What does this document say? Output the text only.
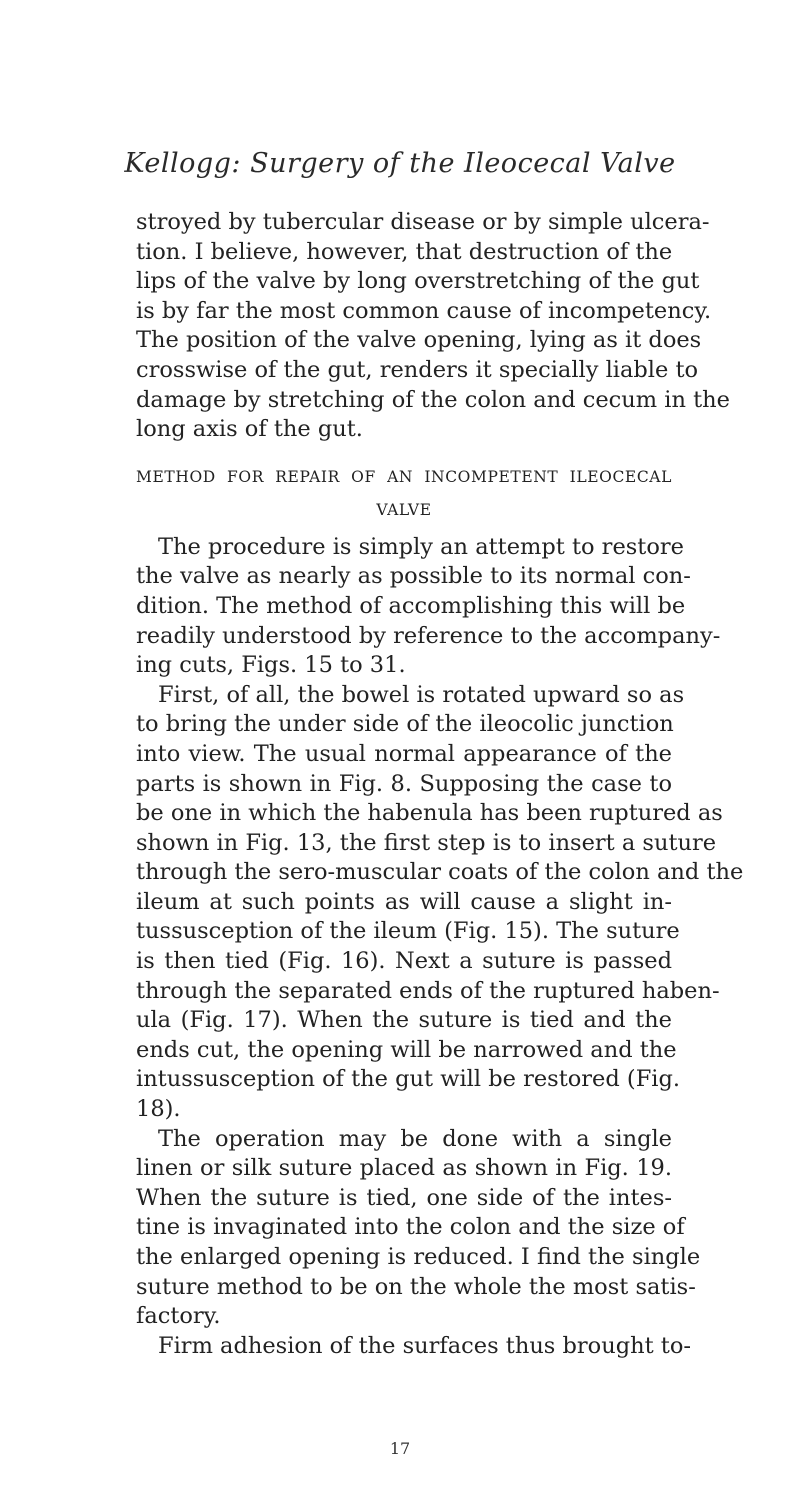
Kellogg: Surgery of the Ileocecal Valve
stroyed by tubercular disease or by simple ulcera-
tion. I believe, however, that destruction of the
lips of the valve by long overstretching of the gut
is by far the most common cause of incompetency.
The position of the valve opening, lying as it does
crosswise of the gut, renders it specially liable to
damage by stretching of the colon and cecum in the
long axis of the gut.
METHOD FOR REPAIR OF AN INCOMPETENT ILEOCECAL
VALVE
The procedure is simply an attempt to restore
the valve as nearly as possible to its normal con-
dition. The method of accomplishing this will be
readily understood by reference to the accompany-
ing cuts, Figs. 15 to 31.
First, of all, the bowel is rotated upward so as
to bring the under side of the ileocolic junction
into view. The usual normal appearance of the
parts is shown in Fig. 8. Supposing the case to
be one in which the habenula has been ruptured as
shown in Fig. 13, the first step is to insert a suture
through the sero-muscular coats of the colon and the
ileum at such points as will cause a slight in-
tussusception of the ileum (Fig. 15). The suture
is then tied (Fig. 16). Next a suture is passed
through the separated ends of the ruptured haben-
ula (Fig. 17). When the suture is tied and the
ends cut, the opening will be narrowed and the
intussusception of the gut will be restored (Fig.
18).
The operation may be done with a single
linen or silk suture placed as shown in Fig. 19.
When the suture is tied, one side of the intes-
tine is invaginated into the colon and the size of
the enlarged opening is reduced. I find the single
suture method to be on the whole the most satis-
factory.
Firm adhesion of the surfaces thus brought to-
17
